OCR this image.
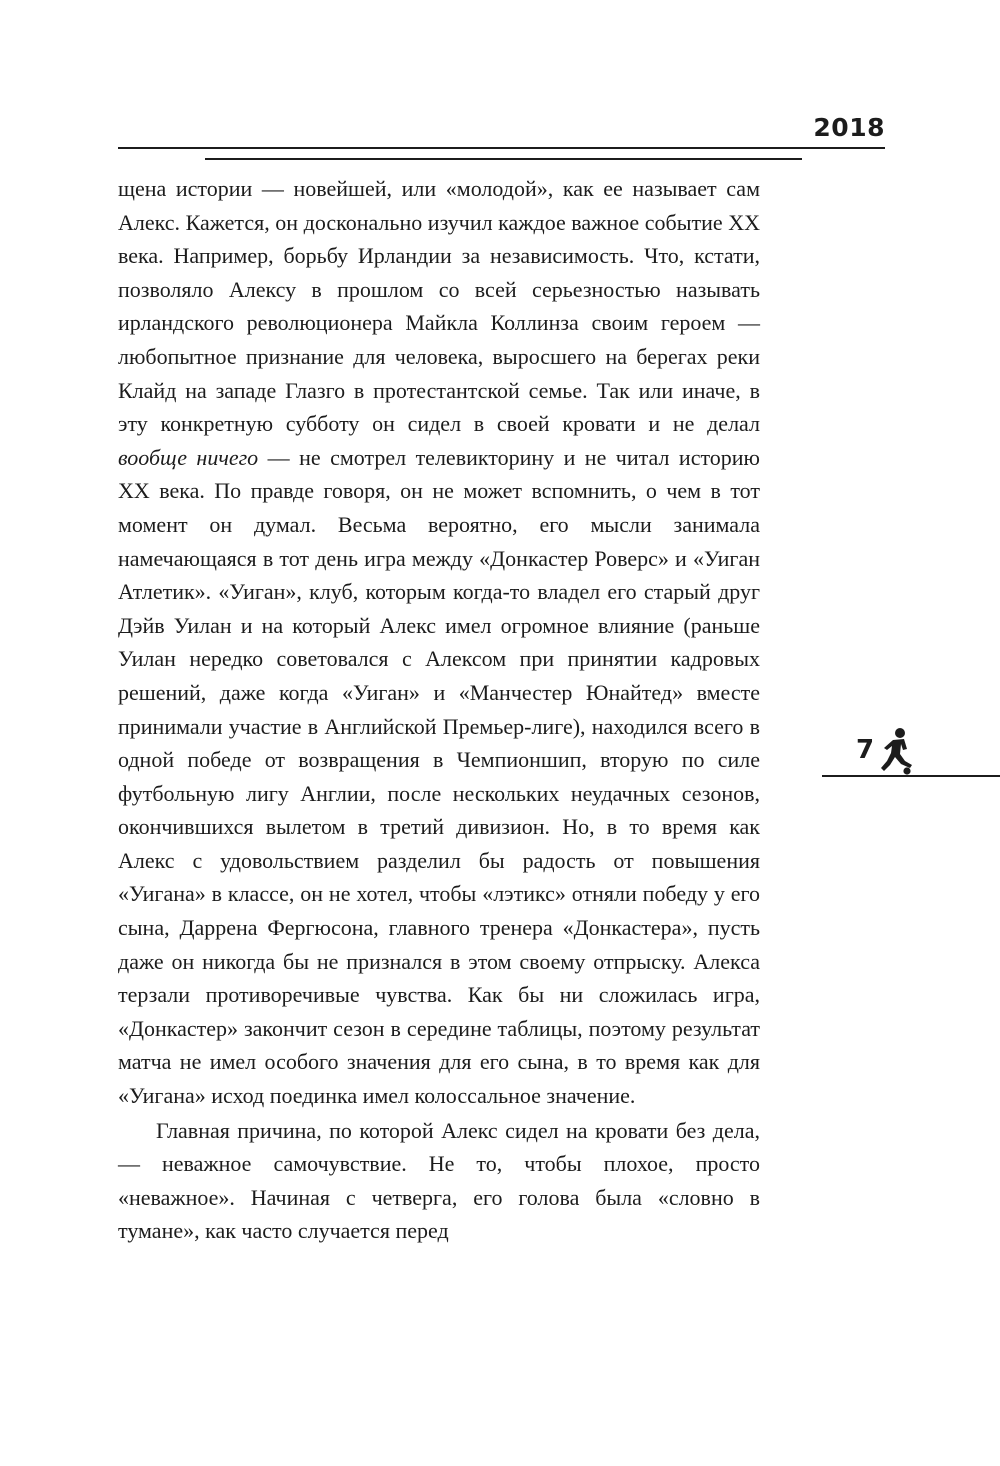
2018

щена истории — новейшей, или «молодой», как ее называет сам Алекс. Кажется, он досконально изучил каждое важное событие XX века. Например, борьбу Ирландии за независимость. Что, кстати, позволяло Алексу в прошлом со всей серьезностью называть ирландского революционера Майкла Коллинза своим героем — любопытное признание для человека, выросшего на берегах реки Клайд на западе Глазго в протестантской семье. Так или иначе, в эту конкретную субботу он сидел в своей кровати и не делал вообще ничего — не смотрел телевикторину и не читал историю XX века. По правде говоря, он не может вспомнить, о чем в тот момент он думал. Весьма вероятно, его мысли занимала намечающаяся в тот день игра между «Донкастер Роверс» и «Уиган Атлетик». «Уиган», клуб, которым когда-то владел его старый друг Дэйв Уилан и на который Алекс имел огромное влияние (раньше Уилан нередко советовался с Алексом при принятии кадровых решений, даже когда «Уиган» и «Манчестер Юнайтед» вместе принимали участие в Английской Премьер-лиге), находился всего в одной победе от возвращения в Чемпионшип, вторую по силе футбольную лигу Англии, после нескольких неудачных сезонов, окончившихся вылетом в третий дивизион. Но, в то время как Алекс с удовольствием разделил бы радость от повышения «Уигана» в классе, он не хотел, чтобы «лэтикс» отняли победу у его сына, Даррена Фергюсона, главного тренера «Донкастера», пусть даже он никогда бы не признался в этом своему отпрыску. Алекса терзали противоречивые чувства. Как бы ни сложилась игра, «Донкастер» закончит сезон в середине таблицы, поэтому результат матча не имел особого значения для его сына, в то время как для «Уигана» исход поединка имел колоссальное значение.

Главная причина, по которой Алекс сидел на кровати без дела, — неважное самочувствие. Не то, чтобы плохое, просто «неважное». Начиная с четверга, его голова была «словно в тумане», как часто случается перед

7
